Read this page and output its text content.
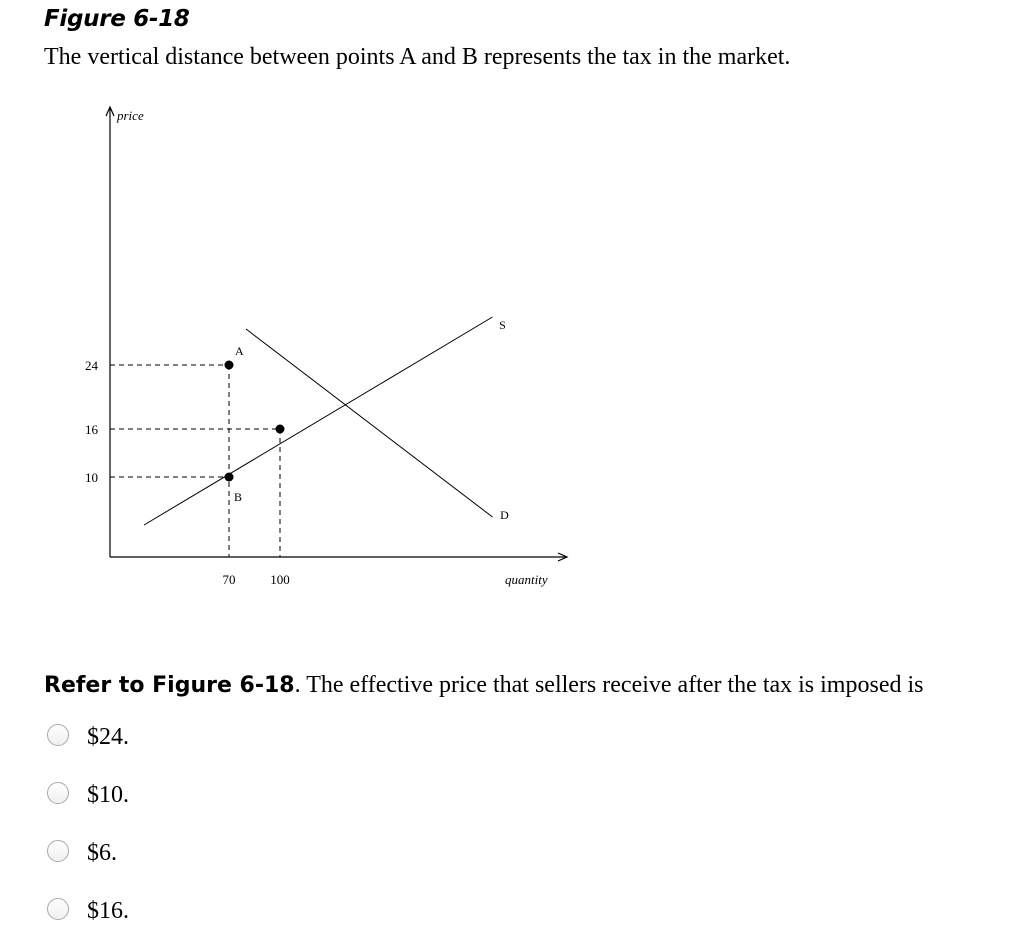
Figure 6-18
The vertical distance between points A and B represents the tax in the market.
price
quantity
S
D
A
B
24
16
10
70	100
Refer to Figure 6-18. The effective price that sellers receive after the tax is imposed is
$24.
$10.
$6.
$16.
